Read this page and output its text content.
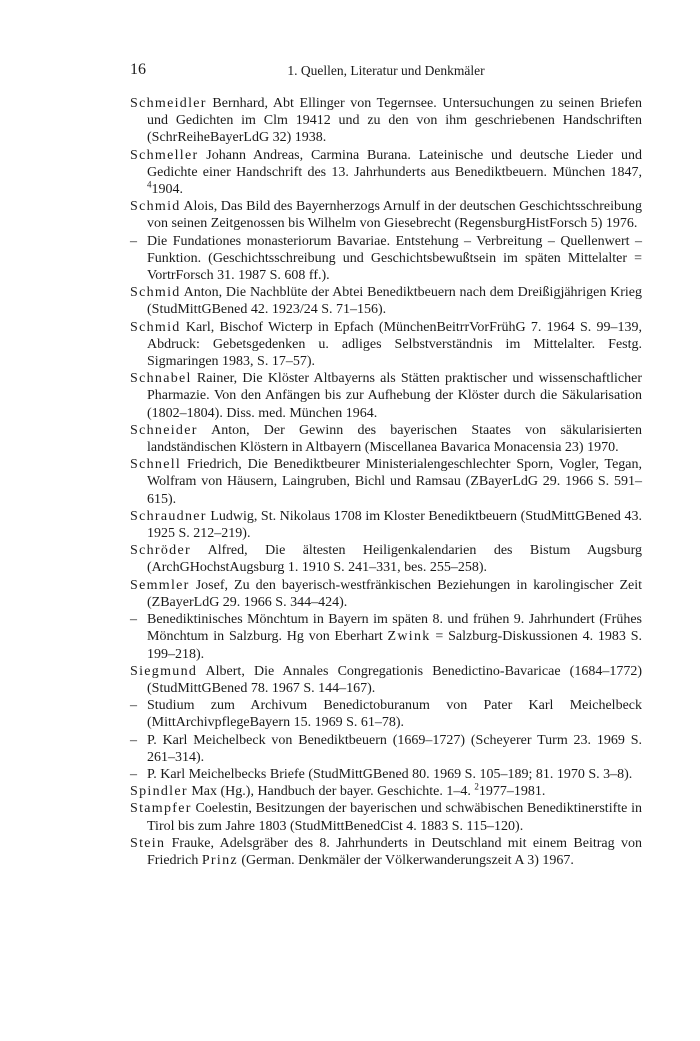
16	1. Quellen, Literatur und Denkmäler

Schmeidler Bernhard, Abt Ellinger von Tegernsee. Untersuchungen zu seinen Briefen und Gedichten im Clm 19412 und zu den von ihm geschriebenen Handschriften (SchrReiheBayerLdG 32) 1938.

Schmeller Johann Andreas, Carmina Burana. Lateinische und deutsche Lieder und Gedichte einer Handschrift des 13. Jahrhunderts aus Benediktbeuern. München 1847, $^4$1904.

Schmid Alois, Das Bild des Bayernherzogs Arnulf in der deutschen Geschichtsschreibung von seinen Zeitgenossen bis Wilhelm von Giesebrecht (RegensburgHistForsch 5) 1976.

– Die Fundationes monasteriorum Bavariae. Entstehung – Verbreitung – Quellenwert – Funktion. (Geschichtsschreibung und Geschichtsbewußtsein im späten Mittelalter = VortrForsch 31. 1987 S. 608 ff.).

Schmid Anton, Die Nachblüte der Abtei Benediktbeuern nach dem Dreißigjährigen Krieg (StudMittGBened 42. 1923/24 S. 71–156).

Schmid Karl, Bischof Wicterp in Epfach (MünchenBeitrrVorFrühG 7. 1964 S. 99–139, Abdruck: Gebetsgedenken u. adliges Selbstverständnis im Mittelalter. Festg. Sigmaringen 1983, S. 17–57).

Schnabel Rainer, Die Klöster Altbayerns als Stätten praktischer und wissenschaftlicher Pharmazie. Von den Anfängen bis zur Aufhebung der Klöster durch die Säkularisation (1802–1804). Diss. med. München 1964.

Schneider Anton, Der Gewinn des bayerischen Staates von säkularisierten landständischen Klöstern in Altbayern (Miscellanea Bavarica Monacensia 23) 1970.

Schnell Friedrich, Die Benediktbeurer Ministerialengeschlechter Sporn, Vogler, Tegan, Wolfram von Häusern, Laingruben, Bichl und Ramsau (ZBayerLdG 29. 1966 S. 591–615).

Schraudner Ludwig, St. Nikolaus 1708 im Kloster Benediktbeuern (StudMittGBened 43. 1925 S. 212–219).

Schröder Alfred, Die ältesten Heiligenkalendarien des Bistum Augsburg (ArchGHochstAugsburg 1. 1910 S. 241–331, bes. 255–258).

Semmler Josef, Zu den bayerisch-westfränkischen Beziehungen in karolingischer Zeit (ZBayerLdG 29. 1966 S. 344–424).

– Benediktinisches Mönchtum in Bayern im späten 8. und frühen 9. Jahrhundert (Frühes Mönchtum in Salzburg. Hg von Eberhart Zwink = Salzburg-Diskussionen 4. 1983 S. 199–218).

Siegmund Albert, Die Annales Congregationis Benedictino-Bavaricae (1684–1772) (StudMittGBened 78. 1967 S. 144–167).

– Studium zum Archivum Benedictoburanum von Pater Karl Meichelbeck (MittArchivpflegeBayern 15. 1969 S. 61–78).

– P. Karl Meichelbeck von Benediktbeuern (1669–1727) (Scheyerer Turm 23. 1969 S. 261–314).

– P. Karl Meichelbecks Briefe (StudMittGBened 80. 1969 S. 105–189; 81. 1970 S. 3–8).

Spindler Max (Hg.), Handbuch der bayer. Geschichte. 1–4. $^2$1977–1981.

Stampfer Coelestin, Besitzungen der bayerischen und schwäbischen Benediktinerstifte in Tirol bis zum Jahre 1803 (StudMittBenedCist 4. 1883 S. 115–120).

Stein Frauke, Adelsgräber des 8. Jahrhunderts in Deutschland mit einem Beitrag von Friedrich Prinz (German. Denkmäler der Völkerwanderungszeit A 3) 1967.
